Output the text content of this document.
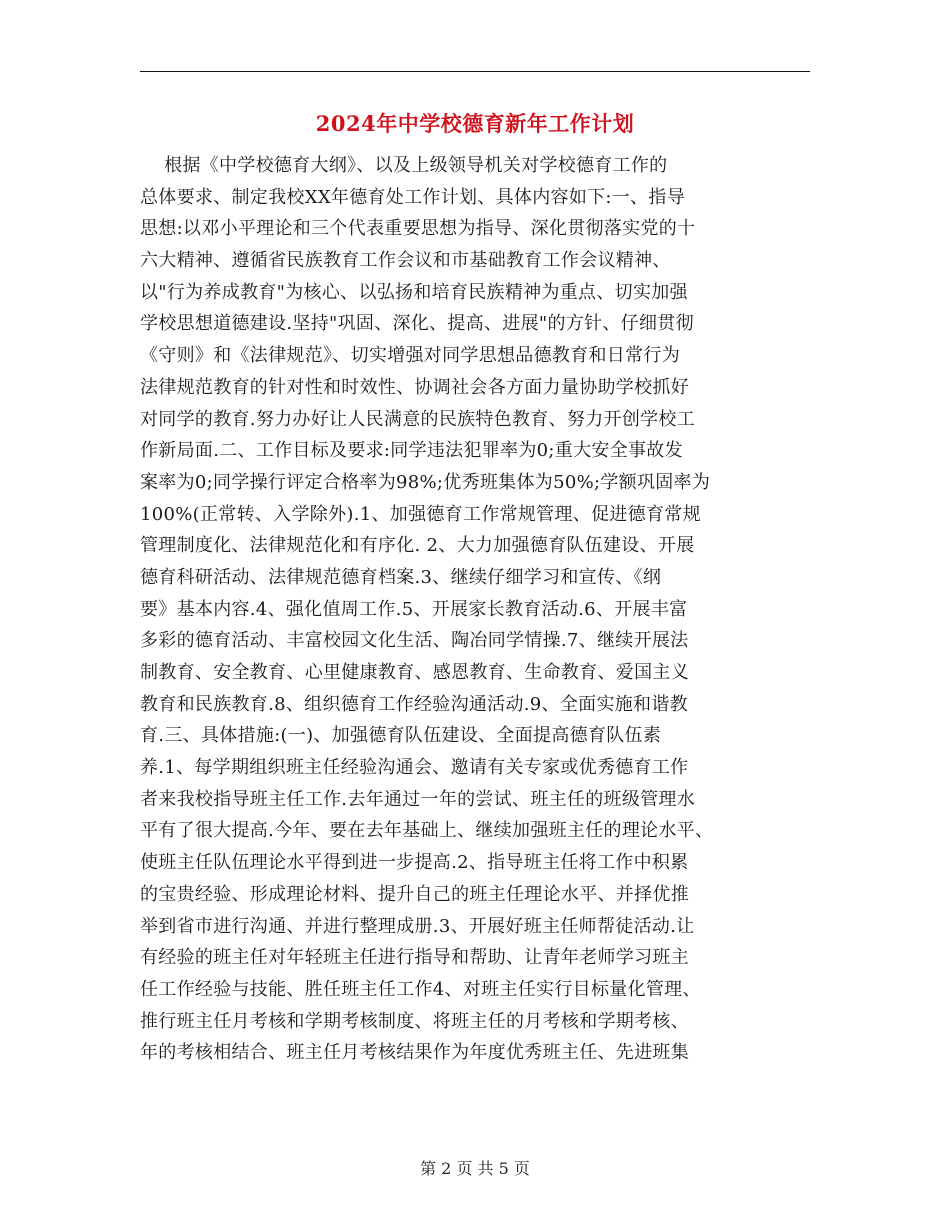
2024年中学校德育新年工作计划
根据《中学校德育大纲》、以及上级领导机关对学校德育工作的
总体要求、制定我校XX年德育处工作计划、具体内容如下:一、指导
思想:以邓小平理论和三个代表重要思想为指导、深化贯彻落实党的十
六大精神、遵循省民族教育工作会议和市基础教育工作会议精神、
以"行为养成教育"为核心、以弘扬和培育民族精神为重点、切实加强
学校思想道德建设.坚持"巩固、深化、提高、进展"的方针、仔细贯彻
《守则》和《法律规范》、切实增强对同学思想品德教育和日常行为
法律规范教育的针对性和时效性、协调社会各方面力量协助学校抓好
对同学的教育.努力办好让人民满意的民族特色教育、努力开创学校工
作新局面.二、工作目标及要求:同学违法犯罪率为0;重大安全事故发
案率为0;同学操行评定合格率为98%;优秀班集体为50%;学额巩固率为
100%(正常转、入学除外).1、加强德育工作常规管理、促进德育常规
管理制度化、法律规范化和有序化. 2、大力加强德育队伍建设、开展
德育科研活动、法律规范德育档案.3、继续仔细学习和宣传、《纲
要》基本内容.4、强化值周工作.5、开展家长教育活动.6、开展丰富
多彩的德育活动、丰富校园文化生活、陶冶同学情操.7、继续开展法
制教育、安全教育、心里健康教育、感恩教育、生命教育、爱国主义
教育和民族教育.8、组织德育工作经验沟通活动.9、全面实施和谐教
育.三、具体措施:(一)、加强德育队伍建设、全面提高德育队伍素
养.1、每学期组织班主任经验沟通会、邀请有关专家或优秀德育工作
者来我校指导班主任工作.去年通过一年的尝试、班主任的班级管理水
平有了很大提高.今年、要在去年基础上、继续加强班主任的理论水平、
使班主任队伍理论水平得到进一步提高.2、指导班主任将工作中积累
的宝贵经验、形成理论材料、提升自己的班主任理论水平、并择优推
举到省市进行沟通、并进行整理成册.3、开展好班主任师帮徒活动.让
有经验的班主任对年轻班主任进行指导和帮助、让青年老师学习班主
任工作经验与技能、胜任班主任工作4、对班主任实行目标量化管理、
推行班主任月考核和学期考核制度、将班主任的月考核和学期考核、
年的考核相结合、班主任月考核结果作为年度优秀班主任、先进班集
第 2 页 共 5 页
